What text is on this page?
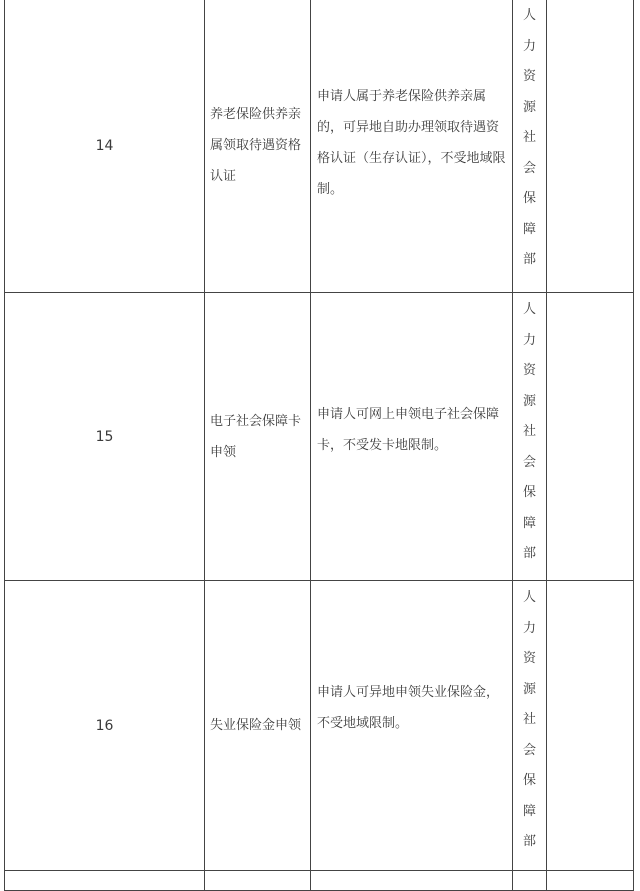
14	养老保险供养亲属领取待遇资格认证	申请人属于养老保险供养亲属的，可异地自助办理领取待遇资格认证（生存认证），不受地域限制。	人力资源社会保障部	

15	电子社会保障卡申领	申请人可网上申领电子社会保障卡，不受发卡地限制。	人力资源社会保障部	

16	失业保险金申领	申请人可异地申领失业保险金，不受地域限制。	人力资源社会保障部	
